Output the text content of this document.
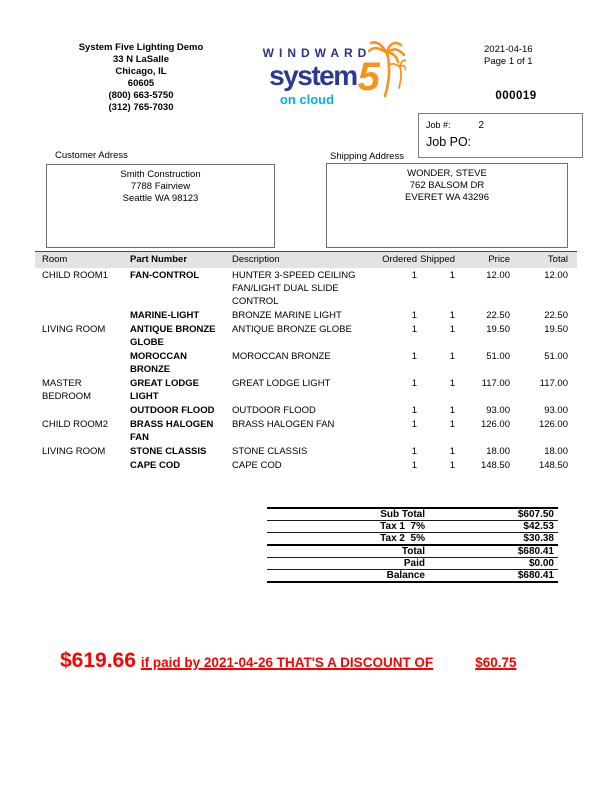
System Five Lighting Demo
33 N LaSalle
Chicago, IL
60605
(800) 663-5750
(312) 765-7030
WINDWARD
system5
on cloud
2021-04-16
Page 1 of 1
000019
Job #:	2
Job PO:
Customer Adress
Smith Construction
7788 Fairview
Seattle WA 98123
Shipping Address
WONDER, STEVE
762 BALSOM DR
EVERET WA 43296
Room	Part Number	Description	Ordered	Shipped	Price	Total
CHILD ROOM1	FAN-CONTROL	HUNTER 3-SPEED CEILING FAN/LIGHT DUAL SLIDE CONTROL	1	1	12.00	12.00
	MARINE-LIGHT	BRONZE MARINE LIGHT	1	1	22.50	22.50
LIVING ROOM	ANTIQUE BRONZE GLOBE	ANTIQUE BRONZE GLOBE	1	1	19.50	19.50
	MOROCCAN BRONZE	MOROCCAN BRONZE	1	1	51.00	51.00
MASTER BEDROOM	GREAT LODGE LIGHT	GREAT LODGE LIGHT	1	1	117.00	117.00
	OUTDOOR FLOOD	OUTDOOR FLOOD	1	1	93.00	93.00
CHILD ROOM2	BRASS HALOGEN FAN	BRASS HALOGEN FAN	1	1	126.00	126.00
LIVING ROOM	STONE CLASSIS	STONE CLASSIS	1	1	18.00	18.00
	CAPE COD	CAPE COD	1	1	148.50	148.50
Sub Total	$607.50
Tax 1  7%	$42.53
Tax 2  5%	$30.38
Total	$680.41
Paid	$0.00
Balance	$680.41
$619.66 if paid by 2021-04-26 THAT'S A DISCOUNT OF	$60.75
